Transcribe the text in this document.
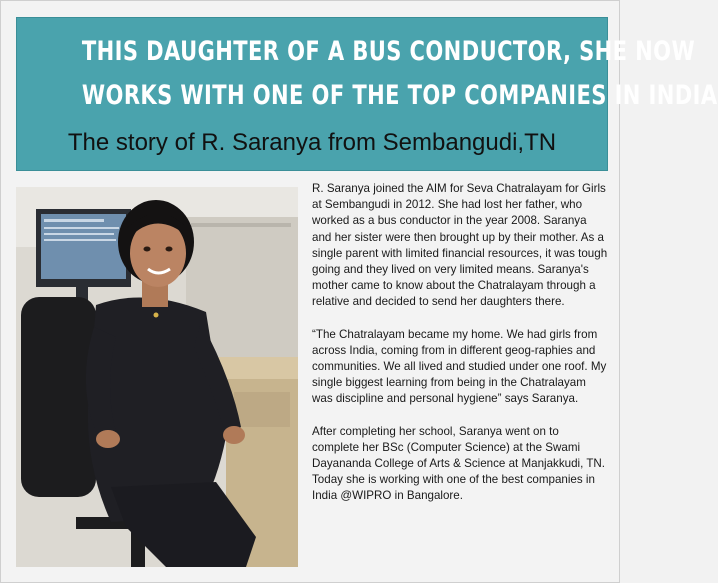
THIS DAUGHTER OF A BUS CONDUCTOR, SHE NOW
WORKS WITH ONE OF THE TOP COMPANIES IN INDIA
The story of R. Saranya from Sembangudi,TN

R. Saranya joined the AIM for Seva Chatralayam for Girls at Sembangudi in 2012. She had lost her father, who worked as a bus conductor in the year 2008. Saranya and her sister were then brought up by their mother. As a single parent with limited financial resources, it was tough going and they lived on very limited means. Saranya's mother came to know about the Chatralayam through a relative and decided to send her daughters there.

“The Chatralayam became my home. We had girls from across India, coming from in different geog-raphies and communities. We all lived and studied under one roof. My single biggest learning from being in the Chatralayam was discipline and personal hygiene” says Saranya.

After completing her school, Saranya went on to complete her BSc (Computer Science) at the Swami Dayananda College of Arts & Science at Manjakkudi, TN. Today she is working with one of the best companies in India @WIPRO in Bangalore.
